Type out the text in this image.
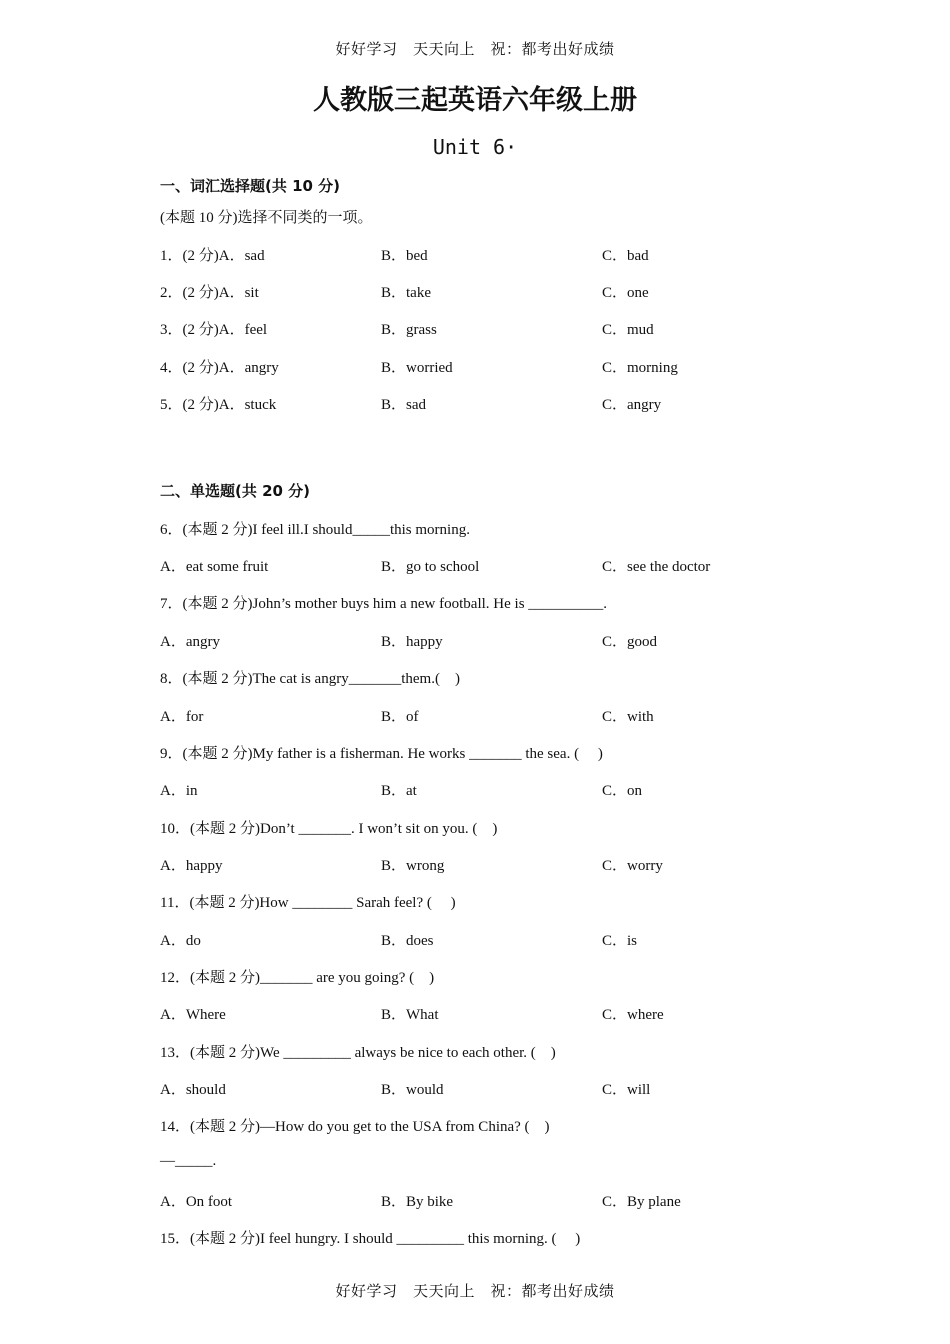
好好学习　天天向上　祝：都考出好成绩
人教版三起英语六年级上册
Unit 6·
一、词汇选择题(共 10 分)
(本题 10 分)选择不同类的一项。
1．(2 分)A．sad	B．bed	C．bad
2．(2 分)A．sit	B．take	C．one
3．(2 分)A．feel	B．grass	C．mud
4．(2 分)A．angry	B．worried	C．morning
5．(2 分)A．stuck	B．sad	C．angry
二、单选题(共 20 分)
6．(本题 2 分)I feel ill.I should_____this morning.
A．eat some fruit	B．go to school	C．see the doctor
7．(本题 2 分)John’s mother buys him a new football. He is __________.
A．angry	B．happy	C．good
8．(本题 2 分)The cat is angry_______them.(　)
A．for	B．of	C．with
9．(本题 2 分)My father is a fisherman. He works _______ the sea. (　 )
A．in	B．at	C．on
10．(本题 2 分)Don’t _______. I won’t sit on you. (　)
A．happy	B．wrong	C．worry
11．(本题 2 分)How ________ Sarah feel? (　 )
A．do	B．does	C．is
12．(本题 2 分)_______ are you going? (　)
A．Where	B．What	C．where
13．(本题 2 分)We _________ always be nice to each other. (　)
A．should	B．would	C．will
14．(本题 2 分)—How do you get to the USA from China? (　)
—_____.
A．On foot	B．By bike	C．By plane
15．(本题 2 分)I feel hungry. I should _________ this morning. (　 )
好好学习　天天向上　祝：都考出好成绩
